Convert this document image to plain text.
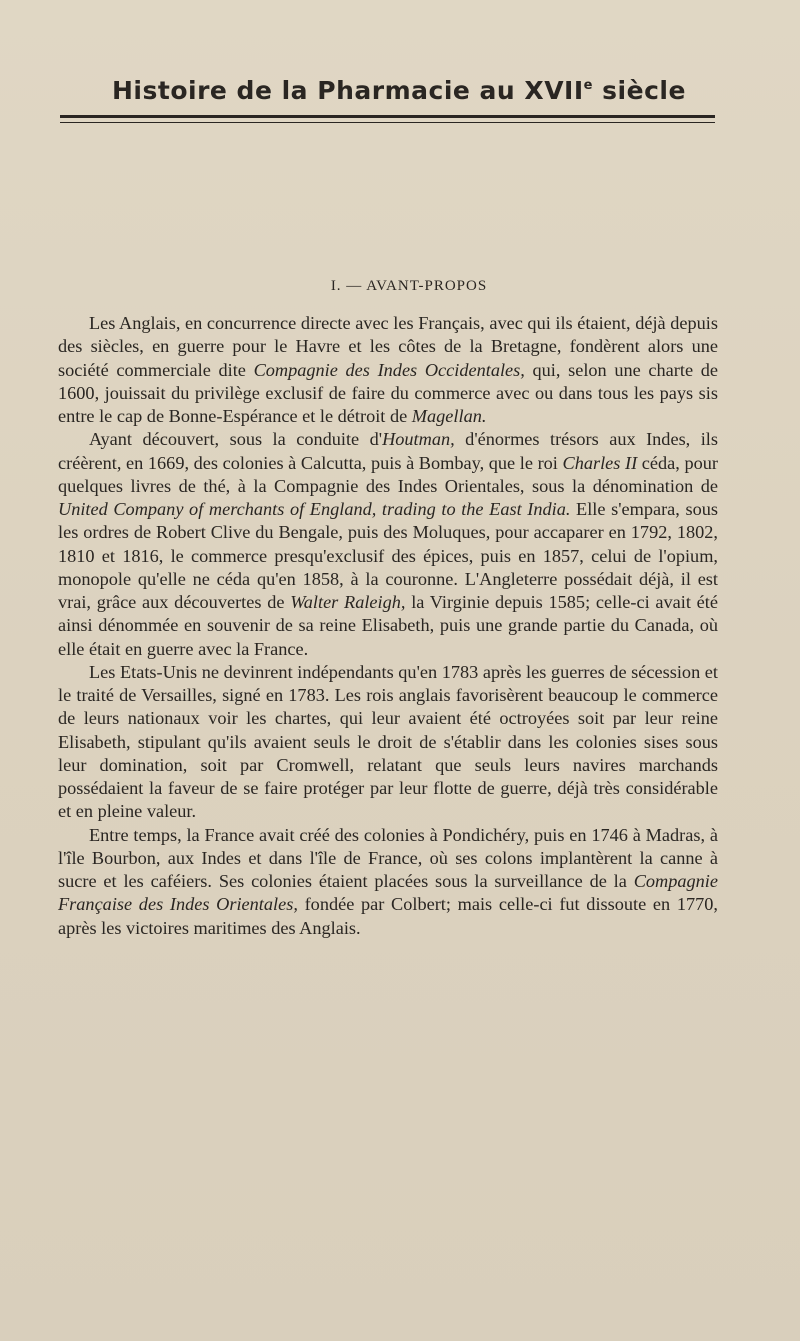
Histoire de la Pharmacie au XVIIe siècle
I. — AVANT-PROPOS

Les Anglais, en concurrence directe avec les Français, avec qui ils étaient, déjà depuis des siècles, en guerre pour le Havre et les côtes de la Bretagne, fondèrent alors une société commerciale dite Compagnie des Indes Occidentales, qui, selon une charte de 1600, jouissait du privilège exclusif de faire du commerce avec ou dans tous les pays sis entre le cap de Bonne-Espérance et le détroit de Magellan.

Ayant découvert, sous la conduite d'Houtman, d'énormes trésors aux Indes, ils créèrent, en 1669, des colonies à Calcutta, puis à Bombay, que le roi Charles II céda, pour quelques livres de thé, à la Compagnie des Indes Orientales, sous la dénomination de United Company of merchants of England, trading to the East India. Elle s'empara, sous les ordres de Robert Clive du Bengale, puis des Moluques, pour accaparer en 1792, 1802, 1810 et 1816, le commerce presqu'exclusif des épices, puis en 1857, celui de l'opium, monopole qu'elle ne céda qu'en 1858, à la couronne. L'Angleterre possédait déjà, il est vrai, grâce aux découvertes de Walter Raleigh, la Virginie depuis 1585; celle-ci avait été ainsi dénommée en souvenir de sa reine Elisabeth, puis une grande partie du Canada, où elle était en guerre avec la France.

Les Etats-Unis ne devinrent indépendants qu'en 1783 après les guerres de sécession et le traité de Versailles, signé en 1783. Les rois anglais favorisèrent beaucoup le commerce de leurs nationaux voir les chartes, qui leur avaient été octroyées soit par leur reine Elisabeth, stipulant qu'ils avaient seuls le droit de s'établir dans les colonies sises sous leur domination, soit par Cromwell, relatant que seuls leurs navires marchands possédaient la faveur de se faire protéger par leur flotte de guerre, déjà très considérable et en pleine valeur.

Entre temps, la France avait créé des colonies à Pondichéry, puis en 1746 à Madras, à l'île Bourbon, aux Indes et dans l'île de France, où ses colons implantèrent la canne à sucre et les caféiers. Ses colonies étaient placées sous la surveillance de la Compagnie Française des Indes Orientales, fondée par Colbert; mais celle-ci fut dissoute en 1770, après les victoires maritimes des Anglais.
